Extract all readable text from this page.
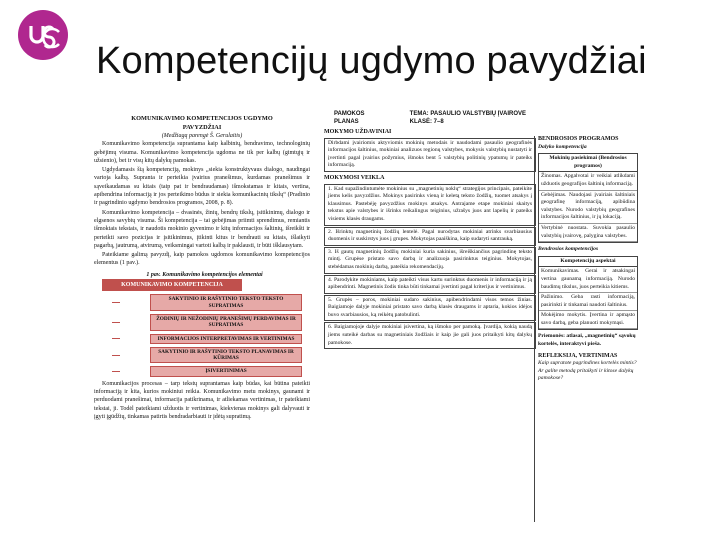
Kompetencijų ugdymo pavydžiai
KOMUNIKAVIMO KOMPETENCIJOS UGDYMO
PAVYZDŽIAI
(Medžiagą parengė Š. Gerulaitis)

Komunikavimo kompetencija suprantama kaip kalbinių, bendravimo, technologinių gebėjimų visuma. Komunikavimo kompetencija ugdoma ne tik per kalbų (gimtųjų ir užsienio), bet ir visų kitų dalykų pamokas.

Ugdydamasis šią kompetenciją, mokinys „siekia konstruktyvaus dialogo, naudingai vartoja kalbą. Supranta ir perteikia įvairius pranešimus, kurdamas pranešimus ir sąveikaudamas su kitais (taip pat ir bendraudamas) išmokstamas ir kitais, vertina, apibendrina informaciją ir jos perteikimo būdus ir siekia komunikacinių tikslų“ (Pradinio ir pagrindinio ugdymo bendrosios programos, 2008, p. 8).

Komunikavimo kompetencija – dvasinės, žinių, bendrų tikslų, įsitikinimų, dialogo ir elgsenos savybių visuma. Ši kompetencija – tai gebėjimas priimti sprendimus, remiantis išmoktais tekstais, ir naudotis mokinio gyvenimo ir kitų informacijos šaltinių, išreikšti ir perteikti savo pozicijas ir įsitikinimus, įtikinti kitus ir bendrauti su kitais, išlaikyti pagarbą, jautrumą, atvirumą, veiksmingai vartoti kalbą ir paklausti, ir būti išklausytam.

Pateikiame galimą pavyzdį, kaip pamokos ugdomos komunikavimo kompetencijos elementus (1 pav.).

1 pav. Komunikavimo kompetencijos elementai
KOMUNIKAVIMO KOMPETENCIJA
SAKYTINIO IR RAŠYTINIO TEKSTO TEKSTO SUPRATIMAS
ŽODINIŲ IR NEŽODINIŲ PRANEŠIMŲ PERDAVIMAS IR SUPRATIMAS
INFORMACIJOS INTERPRETAVIMAS IR VERTINIMAS
SAKYTINIO IR RAŠYTINIO TEKSTO PLANAVIMAS IR KŪRIMAS
ĮSIVERTINIMAS

Komunikacijos procesas – tarp tekstų suprantamas kaip būdas, kai būtina pateikti informaciją ir kita, kurios mokiniui reikia. Komunikavimo metu mokinys, gaunami ir perduodami pranešimai, informacija patikrinama, ir atliekamas vertinimas, ir pateikiami tekstai, ji. Todėl pateikiami užduotis ir vertinimas, kiekvienas mokinys gali dalyvauti ir įgyti įgūdžių, tinkamas patirtis bendradarbiauti ir įdėtą supratimą.

PAMOKOS
PLANAS
TEMA: PASAULIO VALSTYBIŲ ĮVAIROVĖ
KLASĖ: 7–8
MOKYMO UŽDAVINIAI
Dirbdami įvairiomis aktyviomis mokinių metodais ir naudodami pasaulio geografinės informacijos šaltinius, mokiniai analizuos regionų valstybes, mokysis valstybių nustatyti ir įvertinti pagal įvairius požymius, išmoks bent 5 valstybių politinių ypatumų ir pateiks informaciją.
MOKYMOSI VEIKLA
1. Kad supažindintumėte mokinius su „magnetinių noklų“ strategijos principais, pateikite jiems kelis pavyzdžius. Mokinys pasirinks vieną ir keletą teksto žodžių, tuomet atsakys į klausimus. Pastebėję pavyzdžius mokinys atsakys. Antrajame etape mokiniai skaitys tekstus apie valstybes ir išrinks reikalingus teiginius, užrašys juos ant lapelių ir pateiks visiems klasės draugams.
2. Išrinktų magnetinių žodžių lentelė. Pagal nurodytas mokiniai atrinks svarbiausius duomenis ir suskirstys juos į grupes. Mokytojas paaiškina, kaip sudaryti santrauką.
3. Iš gautų magnetinių žodžių mokiniai kuria sakinius, išreiškiančius pagrindinę teksto mintį. Grupėse pristato savo darbą ir analizuoja pasirinktus teiginius. Mokytojas, stebėdamas mokinių darbą, pateikia rekomendacijų.
4. Parodykite mokiniams, kaip pateikti visus kartu surinktus duomenis ir informaciją ir ją apibendrinti. Magnetinis žodis tinka būti tinkamai įvertinti pagal kriterijus ir vertinimus.
5. Grupės – poros, mokiniai sudaro sakinius, apibendrindami visos temos žinias. Baigiamoje dalyje mokiniai pristato savo darbą klasės draugams ir aptaria, kokios idėjos buvo svarbiausios, ką reikėtų patobulinti.
6. Baigiamojoje dalyje mokiniai įsivertina, ką išmoko per pamoką. Įvardija, kokią naudą jiems suteikė darbas su magnetiniais žodžiais ir kaip jie gali juos pritaikyti kitų dalykų pamokose.
BENDROSIOS PROGRAMOS
Dalyko kompetencija
Mokinių pasiekimai (Bendrosios programos)
Žinomas. Apgalvotai ir veikiai atlikdami užduotis geografijos šaltinių informaciją.
Gebėjimas. Naudojasi įvairiais šaltiniais geografinę informaciją, apibūdina valstybes. Nurodo valstybių geografines informacijos šaltinius, ir jų lokaciją.
Vertybinė nuostata. Suvokia pasaulio valstybių įvairovę, palygina valstybes.
Bendrosios kompetencijos
Kompetencijų aspektai
Komunikavimas. Gerai ir atsakingai vertina gaunamą informaciją. Nurodo baudimų tikslus, juos perteikia kitiems.
Pažinimo. Geba rasti informaciją, pasirinkti ir tinkamai naudoti šaltinius.
Mokėjimo mokytis. Įvertina ir apmąsto savo darbą, geba planuoti mokymąsi.
Priemonės: atlasai, „magnetinių“ sąvokų kortelės, interaktyvi pieša.
REFLEKSIJA, VERTINIMAS
Kaip supratote pagrindines kortelės mintis? Ar galite metodą pritaikyti ir kitose dalykų pamokose?
